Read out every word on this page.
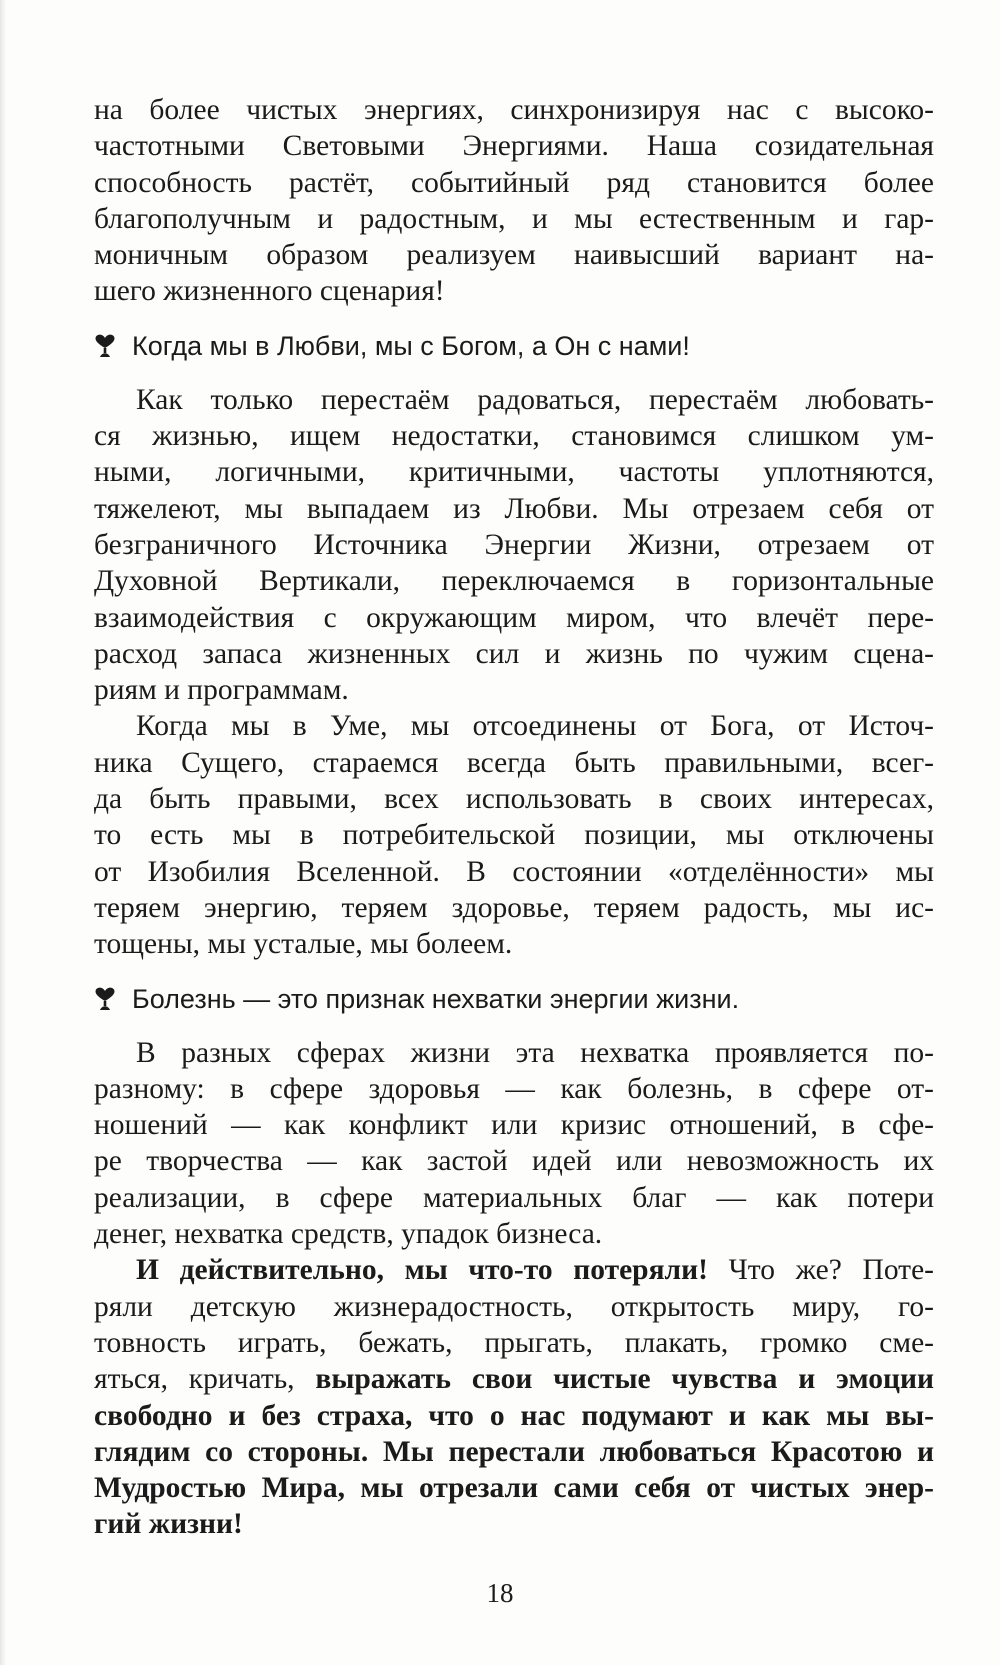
на более чистых энергиях, синхронизируя нас с высоко-
частотными Световыми Энергиями. Наша созидательная
способность растёт, событийный ряд становится более
благополучным и радостным, и мы естественным и гар-
моничным образом реализуем наивысший вариант на-
шего жизненного сценария!
Когда мы в Любви, мы с Богом, а Он с нами!
Как только перестаём радоваться, перестаём любовать-
ся жизнью, ищем недостатки, становимся слишком ум-
ными, логичными, критичными, частоты уплотняются,
тяжелеют, мы выпадаем из Любви. Мы отрезаем себя от
безграничного Источника Энергии Жизни, отрезаем от
Духовной Вертикали, переключаемся в горизонтальные
взаимодействия с окружающим миром, что влечёт пере-
расход запаса жизненных сил и жизнь по чужим сцена-
риям и программам.
Когда мы в Уме, мы отсоединены от Бога, от Источ-
ника Сущего, стараемся всегда быть правильными, всег-
да быть правыми, всех использовать в своих интересах,
то есть мы в потребительской позиции, мы отключены
от Изобилия Вселенной. В состоянии «отделённости» мы
теряем энергию, теряем здоровье, теряем радость, мы ис-
тощены, мы усталые, мы болеем.
Болезнь — это признак нехватки энергии жизни.
В разных сферах жизни эта нехватка проявляется по-
разному: в сфере здоровья — как болезнь, в сфере от-
ношений — как конфликт или кризис отношений, в сфе-
ре творчества — как застой идей или невозможность их
реализации, в сфере материальных благ — как потери
денег, нехватка средств, упадок бизнеса.
И действительно, мы что-то потеряли! Что же? Поте-
ряли детскую жизнерадостность, открытость миру, го-
товность играть, бежать, прыгать, плакать, громко сме-
яться, кричать, выражать свои чистые чувства и эмоции
свободно и без страха, что о нас подумают и как мы вы-
глядим со стороны. Мы перестали любоваться Красотою и
Мудростью Мира, мы отрезали сами себя от чистых энер-
гий жизни!
18
